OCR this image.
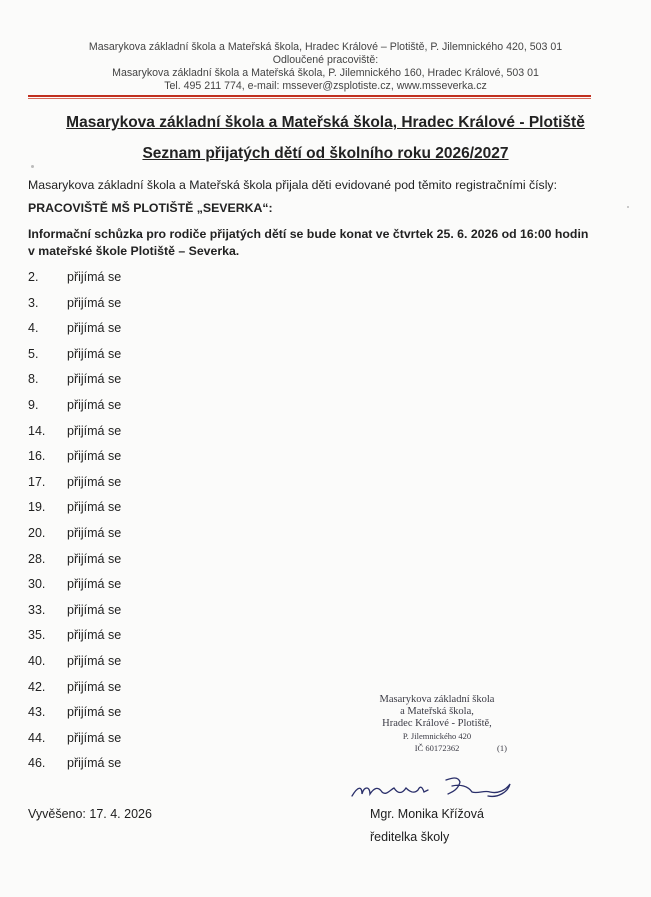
Masarykova základní škola a Mateřská škola, Hradec Králové – Plotiště, P. Jilemnického 420, 503 01
Odloučené pracoviště:
Masarykova základní škola a Mateřská škola, P. Jilemnického 160, Hradec Králové, 503 01
Tel. 495 211 774, e-mail: mssever@zsplotiste.cz, www.msseverka.cz
Masarykova základní škola a Mateřská škola, Hradec Králové - Plotiště
Seznam přijatých dětí od školního roku 2026/2027
Masarykova základní škola a Mateřská škola přijala děti evidované pod těmito registračními čísly:
PRACOVIŠTĚ MŠ PLOTIŠTĚ „SEVERKA“:
Informační schůzka pro rodiče přijatých dětí se bude konat ve čtvrtek 25. 6. 2026 od 16:00 hodin
v mateřské škole Plotiště – Severka.
2. přijímá se
3. přijímá se
4. přijímá se
5. přijímá se
8. přijímá se
9. přijímá se
14. přijímá se
16. přijímá se
17. přijímá se
19. přijímá se
20. přijímá se
28. přijímá se
30. přijímá se
33. přijímá se
35. přijímá se
40. přijímá se
42. přijímá se
43. přijímá se
44. přijímá se
46. přijímá se
Masarykova základní škola
a Mateřská škola,
Hradec Králové - Plotiště,
P. Jilemnického 420
IČ 60172362	(1)
Vyvěšeno: 17. 4. 2026	Mgr. Monika Křížová
ředitelka školy
